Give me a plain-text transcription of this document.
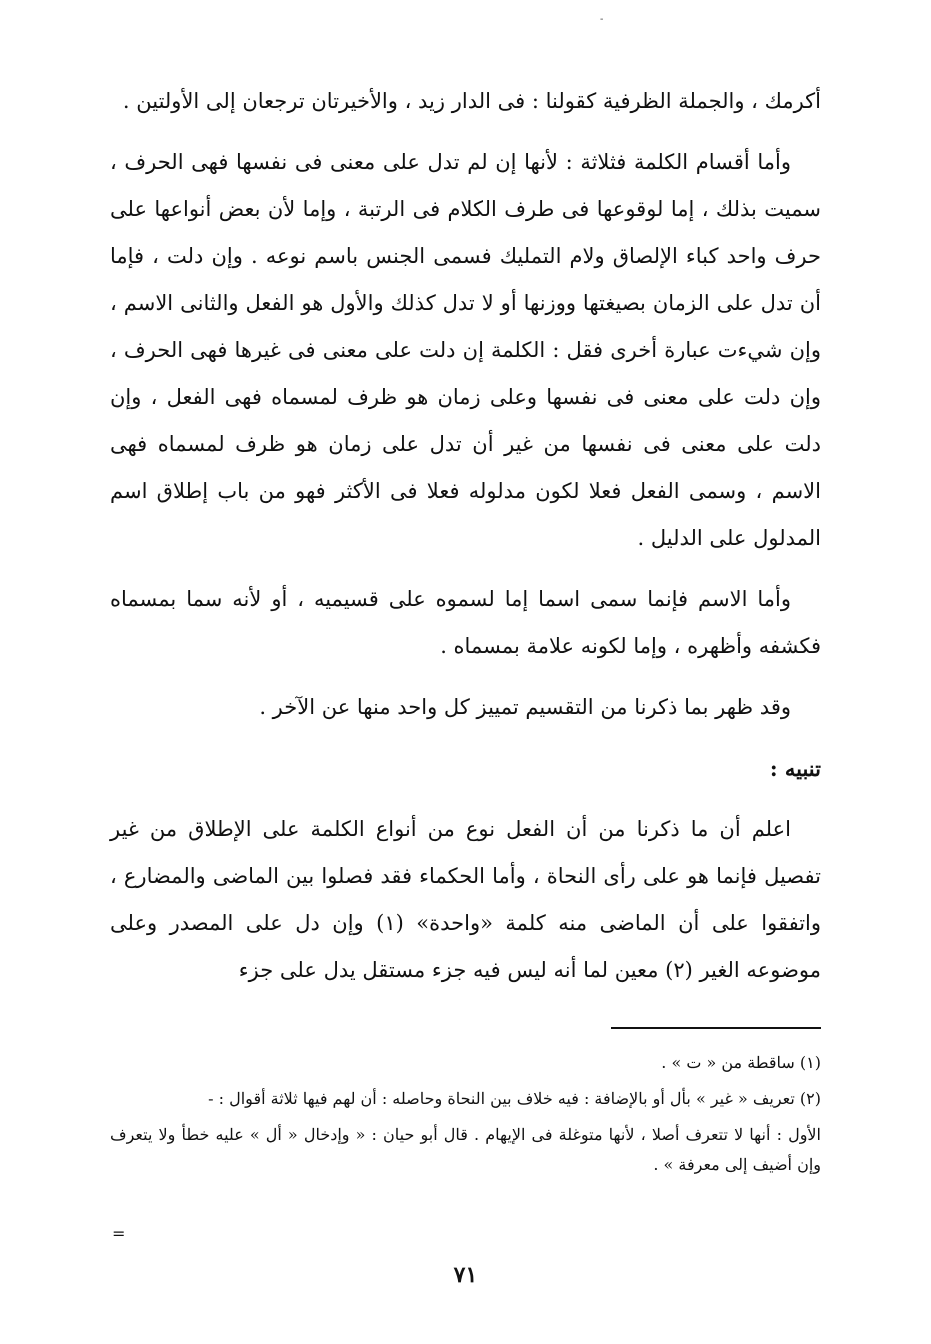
-

أكرمك ، والجملة الظرفية كقولنا : فى الدار زيد ، والأخيرتان ترجعان إلى الأولتين .

وأما أقسام الكلمة فثلاثة : لأنها إن لم تدل على معنى فى نفسها فهى الحرف ، سميت بذلك ، إما لوقوعها فى طرف الكلام فى الرتبة ، وإما لأن بعض أنواعها على حرف واحد كباء الإلصاق ولام التمليك فسمى الجنس باسم نوعه . وإن دلت ، فإما أن تدل على الزمان بصيغتها ووزنها أو لا تدل كذلك والأول هو الفعل والثانى الاسم ، وإن شيءت عبارة أخرى فقل : الكلمة إن دلت على معنى فى غيرها فهى الحرف ، وإن دلت على معنى فى نفسها وعلى زمان هو ظرف لمسماه فهى الفعل ، وإن دلت على معنى فى نفسها من غير أن تدل على زمان هو ظرف لمسماه فهى الاسم ، وسمى الفعل فعلا لكون مدلوله فعلا فى الأكثر فهو من باب إطلاق اسم المدلول على الدليل .

وأما الاسم فإنما سمى اسما إما لسموه على قسيميه ، أو لأنه سما بمسماه فكشفه وأظهره ، وإما لكونه علامة بمسماه .

وقد ظهر بما ذكرنا من التقسيم تمييز كل واحد منها عن الآخر .

تنبيه :

اعلم أن ما ذكرنا من أن الفعل نوع من أنواع الكلمة على الإطلاق من غير تفصيل فإنما هو على رأى النحاة ، وأما الحكماء فقد فصلوا بين الماضى والمضارع ، واتفقوا على أن الماضى منه كلمة «واحدة» (١) وإن دل على المصدر وعلى موضوعه الغير (٢) معين لما أنه ليس فيه جزء مستقل يدل على جزء

(١) ساقطة من « ت » .

(٢) تعريف « غير » بأل أو بالإضافة : فيه خلاف بين النحاة وحاصله : أن لهم فيها ثلاثة أقوال : -

الأول : أنها لا تتعرف أصلا ، لأنها متوغلة فى الإيهام . قال أبو حيان : « وإدخال « أل » عليه خطأ ولا يتعرف وإن أضيف إلى معرفة » .

=
٧١
